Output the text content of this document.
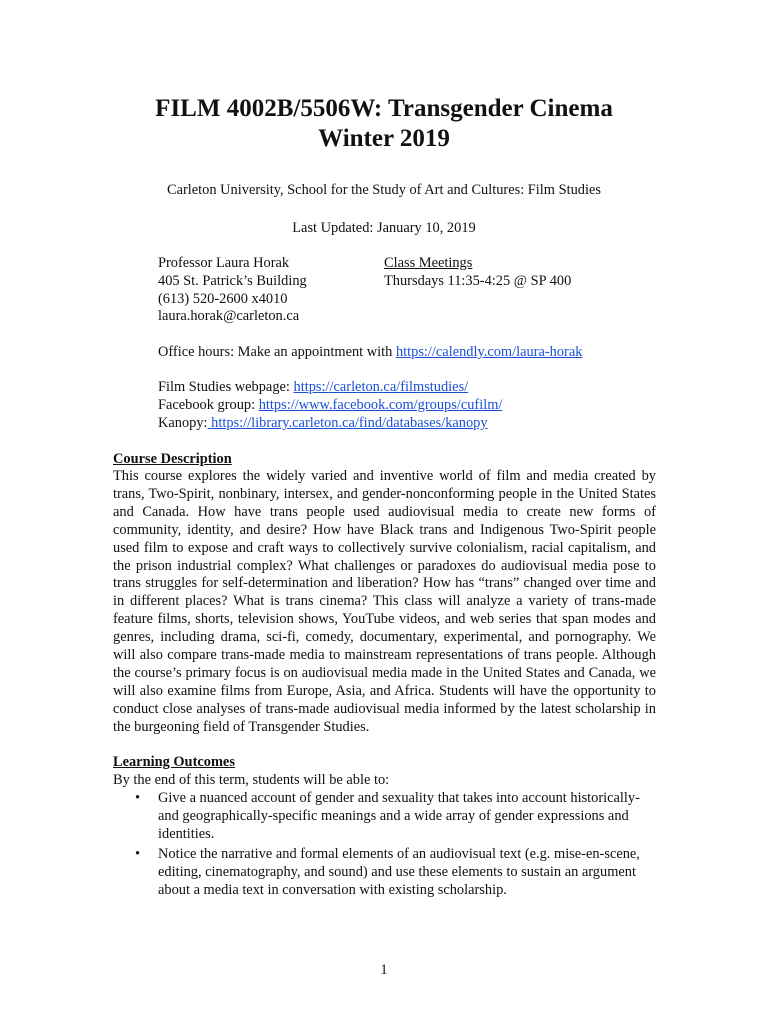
FILM 4002B/5506W: Transgender Cinema
Winter 2019
Carleton University, School for the Study of Art and Cultures: Film Studies
Last Updated: January 10, 2019
Professor Laura Horak
405 St. Patrick’s Building
(613) 520-2600 x4010
laura.horak@carleton.ca
Class Meetings
Thursdays 11:35-4:25 @ SP 400
Office hours: Make an appointment with https://calendly.com/laura-horak
Film Studies webpage: https://carleton.ca/filmstudies/
Facebook group: https://www.facebook.com/groups/cufilm/
Kanopy: https://library.carleton.ca/find/databases/kanopy
Course Description
This course explores the widely varied and inventive world of film and media created by trans, Two-Spirit, nonbinary, intersex, and gender-nonconforming people in the United States and Canada. How have trans people used audiovisual media to create new forms of community, identity, and desire? How have Black trans and Indigenous Two-Spirit people used film to expose and craft ways to collectively survive colonialism, racial capitalism, and the prison industrial complex? What challenges or paradoxes do audiovisual media pose to trans struggles for self-determination and liberation? How has “trans” changed over time and in different places? What is trans cinema? This class will analyze a variety of trans-made feature films, shorts, television shows, YouTube videos, and web series that span modes and genres, including drama, sci-fi, comedy, documentary, experimental, and pornography. We will also compare trans-made media to mainstream representations of trans people. Although the course’s primary focus is on audiovisual media made in the United States and Canada, we will also examine films from Europe, Asia, and Africa. Students will have the opportunity to conduct close analyses of trans-made audiovisual media informed by the latest scholarship in the burgeoning field of Transgender Studies.
Learning Outcomes
By the end of this term, students will be able to:
• Give a nuanced account of gender and sexuality that takes into account historically- and geographically-specific meanings and a wide array of gender expressions and identities.
• Notice the narrative and formal elements of an audiovisual text (e.g. mise-en-scene, editing, cinematography, and sound) and use these elements to sustain an argument about a media text in conversation with existing scholarship.
1
